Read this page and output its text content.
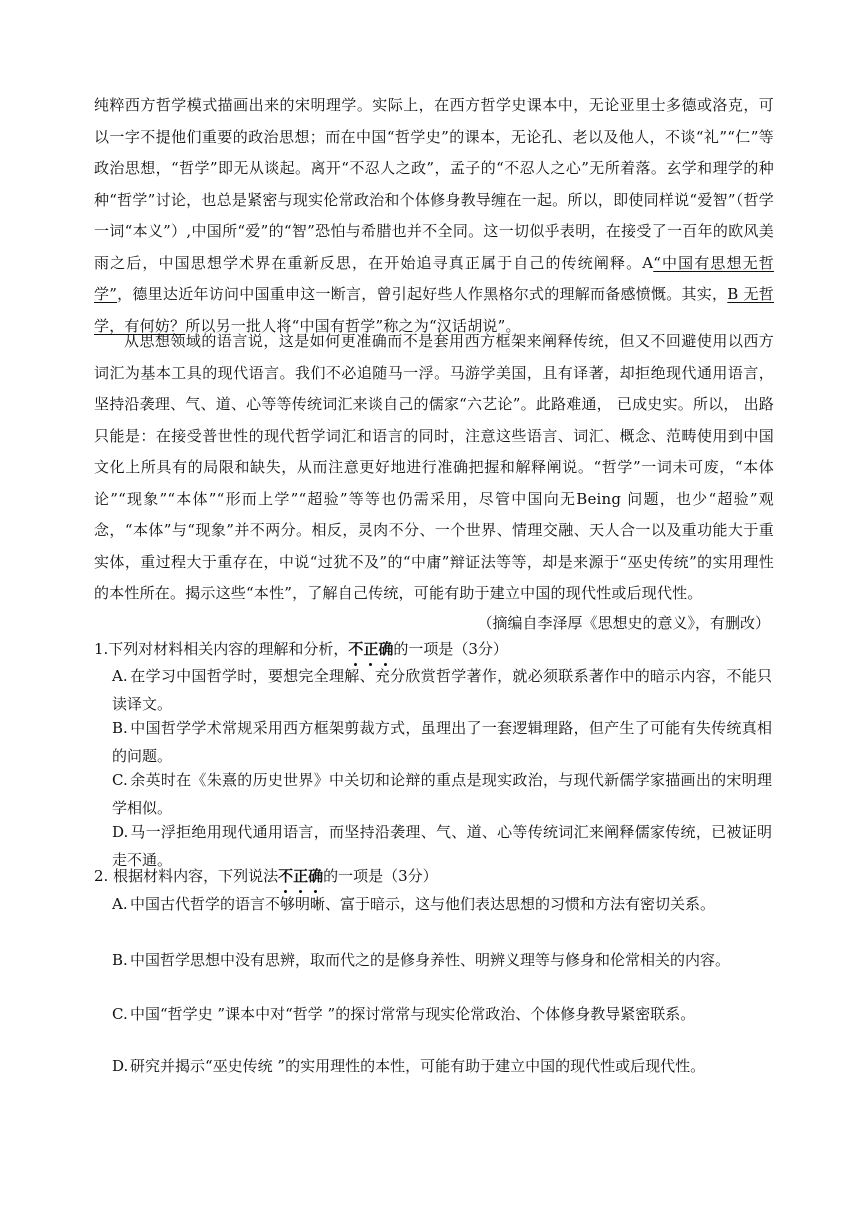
纯粹西方哲学模式描画出来的宋明理学。实际上，在西方哲学史课本中，无论亚里士多德或洛克，可以一字不提他们重要的政治思想；而在中国“哲学史”的课本，无论孔、老以及他人，不谈“礼”“仁”等政治思想，“哲学”即无从谈起。离开“不忍人之政”，孟子的“不忍人之心”无所着落。玄学和理学的种种“哲学”讨论，也总是紧密与现实伦常政治和个体修身教导缠在一起。所以，即使同样说“爱智”（哲学一词“本义”）,中国所“爱”的“智”恐怕与希腊也并不全同。这一切似乎表明，在接受了一百年的欧风美雨之后，中国思想学术界在重新反思，在开始追寻真正属于自己的传统阐释。A“中国有思想无哲学”，德里达近年访问中国重申这一断言，曾引起好些人作黑格尔式的理解而备感愤慨。其实，B 无哲学，有何妨？所以另一批人将“中国有哲学”称之为“汉话胡说”。
从思想领域的语言说，这是如何更准确而不是套用西方框架来阐释传统，但又不回避使用以西方词汇为基本工具的现代语言。我们不必追随马一浮。马游学美国，且有译著，却拒绝现代通用语言，坚持沿袭理、气、道、心等等传统词汇来谈自己的儒家“六艺论”。此路难通， 已成史实。所以， 出路只能是：在接受普世性的现代哲学词汇和语言的同时，注意这些语言、词汇、概念、范畴使用到中国文化上所具有的局限和缺失，从而注意更好地进行准确把握和解释阐说。“哲学”一词未可废，“本体论”“现象”“本体”“形而上学”“超验”等等也仍需采用，尽管中国向无Being 问题，也少“超验”观念，“本体”与“现象”并不两分。相反，灵肉不分、一个世界、情理交融、天人合一以及重功能大于重实体，重过程大于重存在，中说“过犹不及”的“中庸”辩证法等等，却是来源于“巫史传统”的实用理性的本性所在。揭示这些“本性”，了解自己传统，可能有助于建立中国的现代性或后现代性。
（摘编自李泽厚《思想史的意义》，有删改）
1.下列对材料相关内容的理解和分析，不正确的一项是（3分）
A. 在学习中国哲学时，要想完全理解、充分欣赏哲学著作，就必须联系著作中的暗示内容，不能只读译文。
B. 中国哲学学术常规采用西方框架剪裁方式，虽理出了一套逻辑理路，但产生了可能有失传统真相的问题。
C. 余英时在《朱熹的历史世界》中关切和论辩的重点是现实政治，与现代新儒学家描画出的宋明理学相似。
D. 马一浮拒绝用现代通用语言，而坚持沿袭理、气、道、心等传统词汇来阐释儒家传统，已被证明走不通。
2. 根据材料内容，下列说法不正确的一项是（3分）
A. 中国古代哲学的语言不够明晰、富于暗示，这与他们表达思想的习惯和方法有密切关系。
B. 中国哲学思想中没有思辨，取而代之的是修身养性、明辨义理等与修身和伦常相关的内容。
C. 中国“哲学史 ”课本中对“哲学 ”的探讨常常与现实伦常政治、个体修身教导紧密联系。
D. 研究并揭示“巫史传统 ”的实用理性的本性，可能有助于建立中国的现代性或后现代性。
